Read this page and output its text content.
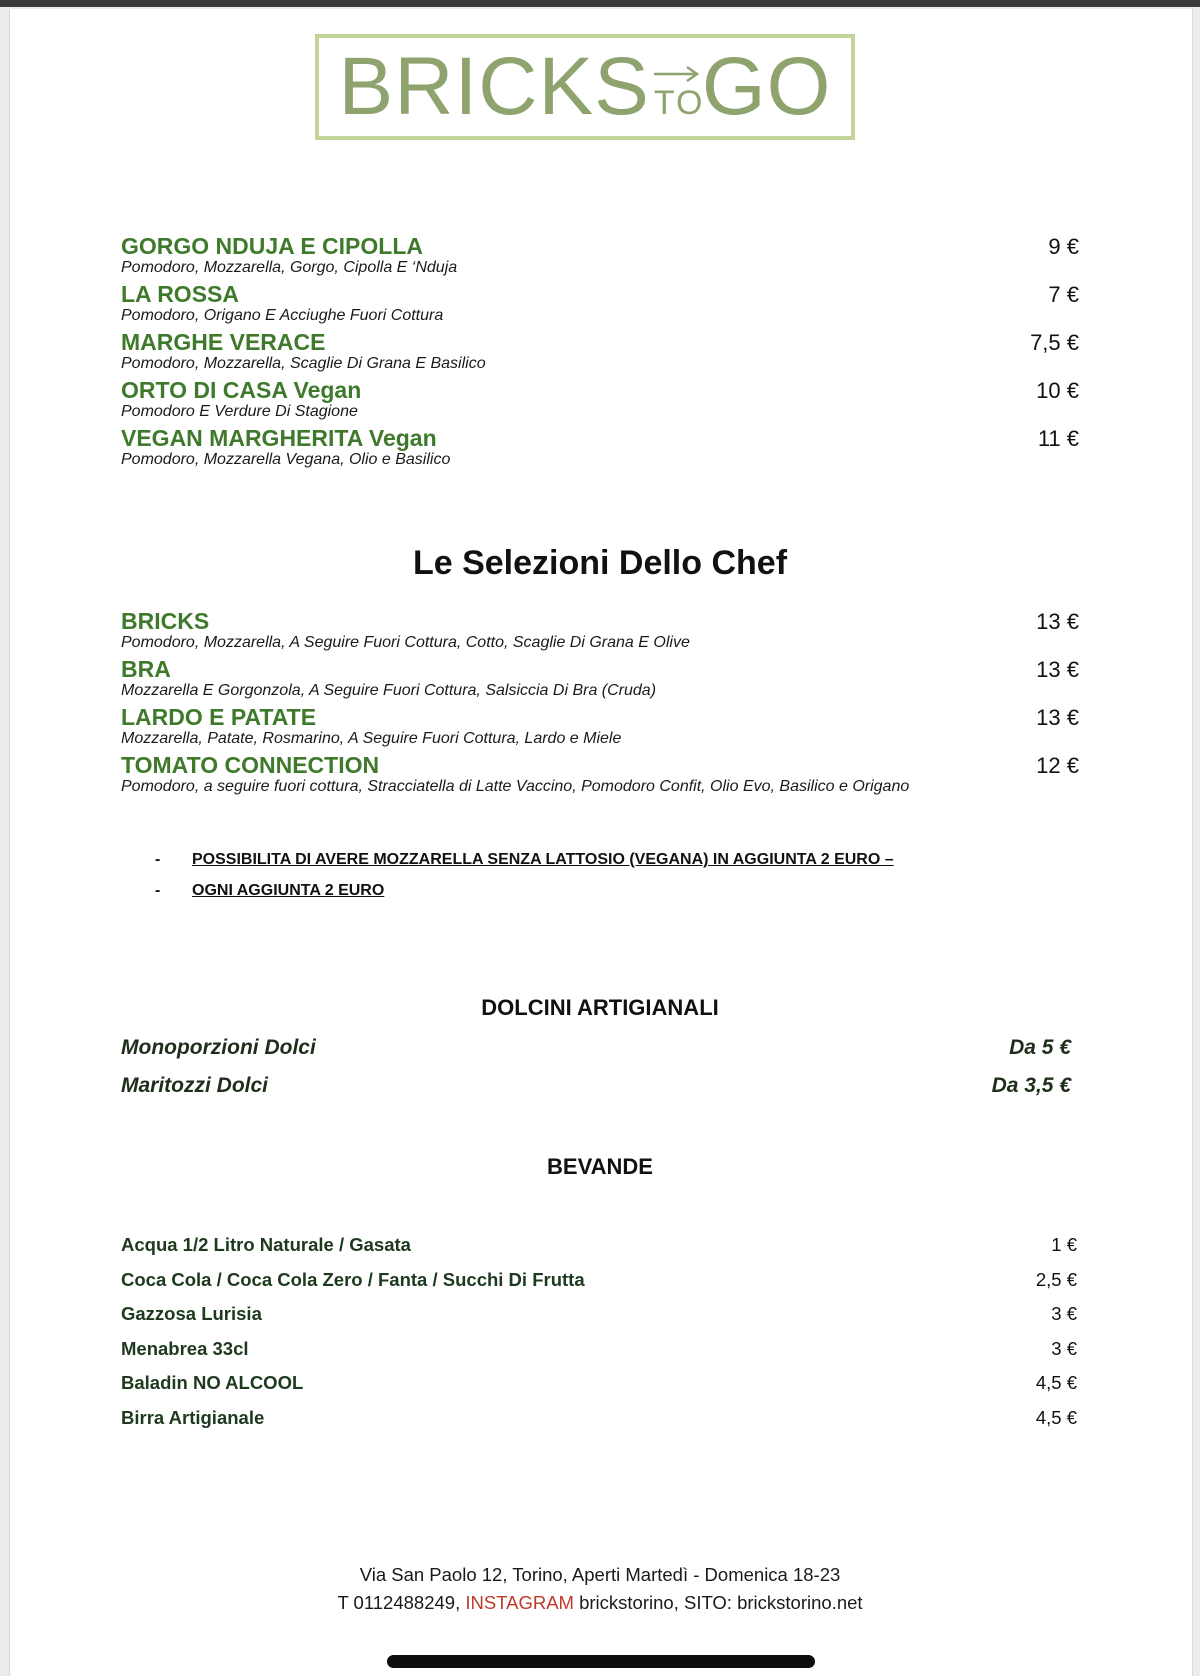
BRICKS TO
GO
GORGO NDUJA E CIPOLLA
Pomodoro, Mozzarella, Gorgo, Cipolla E ‘Nduja
9 €
LA ROSSA
Pomodoro, Origano E Acciughe Fuori Cottura
7 €
MARGHE VERACE
Pomodoro, Mozzarella, Scaglie Di Grana E Basilico
7,5 €
ORTO DI CASA Vegan
Pomodoro E Verdure Di Stagione
10 €
VEGAN MARGHERITA Vegan
Pomodoro, Mozzarella Vegana, Olio e Basilico
11 €
Le Selezioni Dello Chef
BRICKS
Pomodoro, Mozzarella, A Seguire Fuori Cottura, Cotto, Scaglie Di Grana E Olive
13 €
BRA
Mozzarella E Gorgonzola, A Seguire Fuori Cottura, Salsiccia Di Bra (Cruda)
13 €
LARDO E PATATE
Mozzarella, Patate, Rosmarino, A Seguire Fuori Cottura, Lardo e Miele
13 €
TOMATO CONNECTION
Pomodoro, a seguire fuori cottura, Stracciatella di Latte Vaccino, Pomodoro Confit, Olio Evo, Basilico e Origano
12 €
- POSSIBILITA DI AVERE MOZZARELLA SENZA LATTOSIO (VEGANA) IN AGGIUNTA 2 EURO –
- OGNI AGGIUNTA 2 EURO
DOLCINI ARTIGIANALI
Monoporzioni Dolci	Da 5 €
Maritozzi Dolci	Da 3,5 €
BEVANDE
Acqua 1/2 Litro Naturale / Gasata	1 €
Coca Cola / Coca Cola Zero / Fanta / Succhi Di Frutta	2,5 €
Gazzosa Lurisia	3 €
Menabrea 33cl	3 €
Baladin NO ALCOOL	4,5 €
Birra Artigianale	4,5 €
Via San Paolo 12, Torino, Aperti Martedì - Domenica 18-23
T 0112488249, INSTAGRAM brickstorino, SITO: brickstorino.net
